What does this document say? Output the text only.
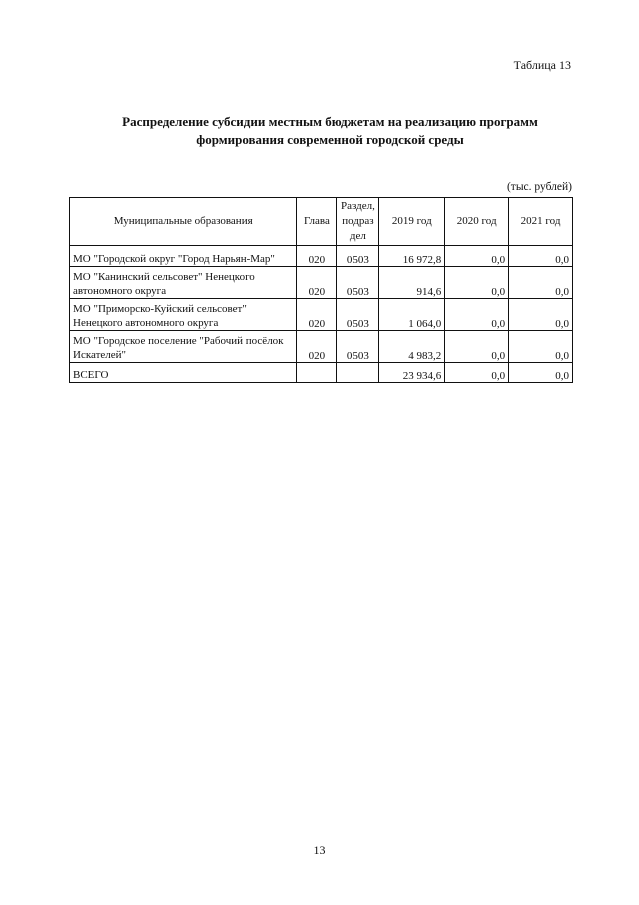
Таблица 13
Распределение субсидии местным бюджетам на реализацию программ
формирования современной городской среды
(тыс. рублей)
Муниципальные образования	Глава	Раздел, подраз дел	2019 год	2020 год	2021 год
МО "Городской округ "Город Нарьян-Мар"	020	0503	16 972,8	0,0	0,0
МО "Канинский сельсовет" Ненецкого автономного округа	020	0503	914,6	0,0	0,0
МО "Приморско-Куйский сельсовет" Ненецкого автономного округа	020	0503	1 064,0	0,0	0,0
МО "Городское поселение "Рабочий посёлок Искателей"	020	0503	4 983,2	0,0	0,0
ВСЕГО			23 934,6	0,0	0,0
13
